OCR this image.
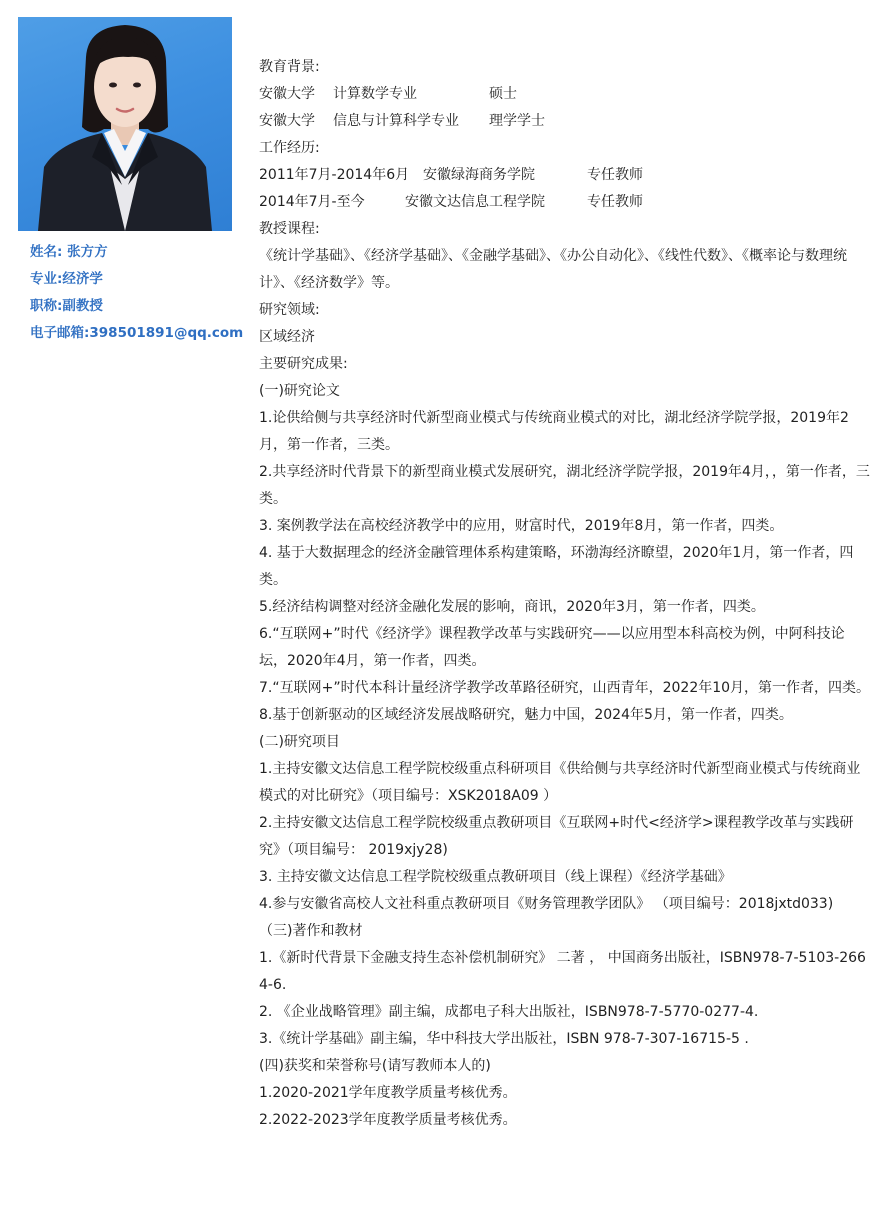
姓名: 张方方
专业:经济学
职称:副教授
电子邮箱:398501891@qq.com
教育背景:
安徽大学 计算数学专业	硕士
安徽大学 信息与计算科学专业 理学学士
工作经历:
2011年7月-2014年6月 安徽绿海商务学院	专任教师
2014年7月-至今	安徽文达信息工程学院	专任教师
教授课程:
《统计学基础》、《经济学基础》、《金融学基础》、《办公自动化》、《线性代数》、《概率论与数理统计》、《经济数学》等。
研究领域:
区域经济
主要研究成果:
(一)研究论文
1.论供给侧与共享经济时代新型商业模式与传统商业模式的对比，湖北经济学院学报，2019年2月，第一作者，三类。
2.共享经济时代背景下的新型商业模式发展研究，湖北经济学院学报，2019年4月，，第一作者，三类。
3. 案例教学法在高校经济教学中的应用，财富时代，2019年8月，第一作者，四类。
4. 基于大数据理念的经济金融管理体系构建策略，环渤海经济瞭望，2020年1月，第一作者，四类。
5.经济结构调整对经济金融化发展的影响，商讯，2020年3月，第一作者，四类。
6.“互联网+”时代《经济学》课程教学改革与实践研究——以应用型本科高校为例，中阿科技论坛，2020年4月，第一作者，四类。
7.“互联网+”时代本科计量经济学教学改革路径研究，山西青年，2022年10月，第一作者，四类。
8.基于创新驱动的区域经济发展战略研究，魅力中国，2024年5月，第一作者，四类。
(二)研究项目
1.主持安徽文达信息工程学院校级重点科研项目《供给侧与共享经济时代新型商业模式与传统商业模式的对比研究》（项目编号：XSK2018A09 ）
2.主持安徽文达信息工程学院校级重点教研项目《互联网+时代<经济学>课程教学改革与实践研究》（项目编号： 2019xjy28)
3. 主持安徽文达信息工程学院校级重点教研项目（线上课程）《经济学基础》
4.参与安徽省高校人文社科重点教研项目《财务管理教学团队》 （项目编号：2018jxtd033)
（三)著作和教材
1.《新时代背景下金融支持生态补偿机制研究》 二著 ， 中国商务出版社，ISBN978-7-5103-2664-6.
2. 《企业战略管理》副主编，成都电子科大出版社，ISBN978-7-5770-0277-4.
3.《统计学基础》副主编，华中科技大学出版社，ISBN 978-7-307-16715-5 .
(四)获奖和荣誉称号(请写教师本人的)
1.2020-2021学年度教学质量考核优秀。
2.2022-2023学年度教学质量考核优秀。
